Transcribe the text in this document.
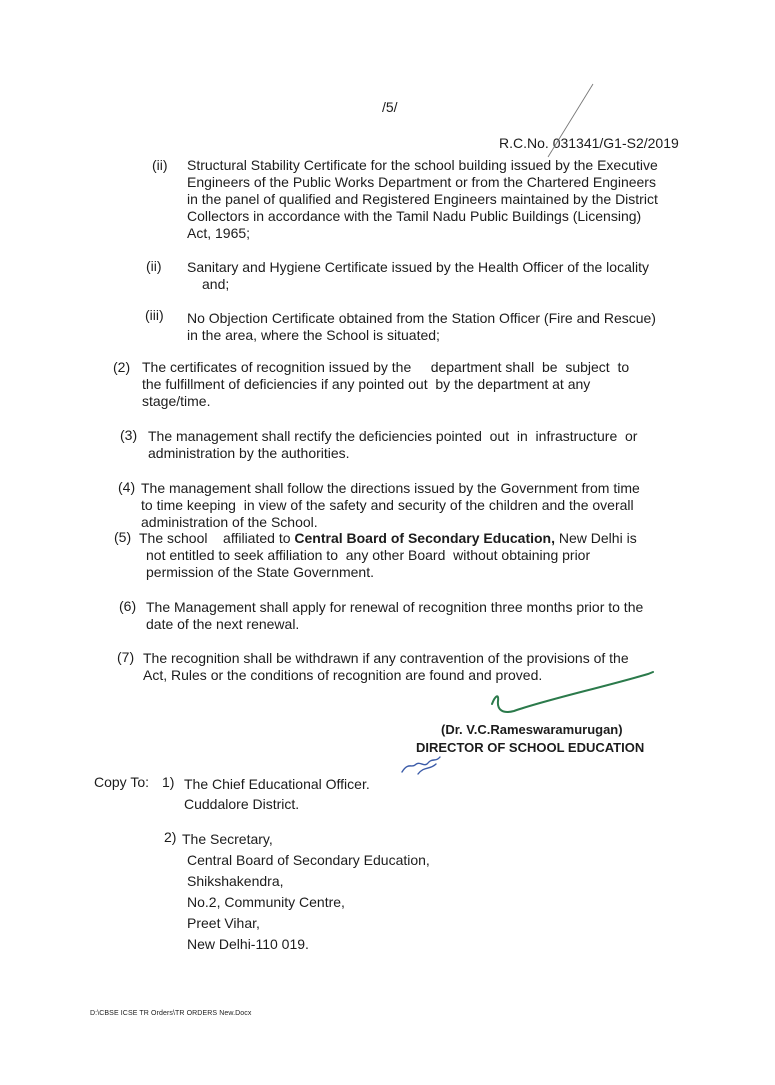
/5/
R.C.No. 031341/G1-S2/2019
(ii) Structural Stability Certificate for the school building issued by the Executive
Engineers of the Public Works Department or from the Chartered Engineers
in the panel of qualified and Registered Engineers maintained by the District
Collectors in accordance with the Tamil Nadu Public Buildings (Licensing)
Act, 1965;
(ii) Sanitary and Hygiene Certificate issued by the Health Officer of the locality
and;
(iii) No Objection Certificate obtained from the Station Officer (Fire and Rescue)
in the area, where the School is situated;
(2) The certificates of recognition issued by the     department shall  be  subject  to
the fulfillment of deficiencies if any pointed out  by the department at any
stage/time.
(3) The management shall rectify the deficiencies pointed  out  in  infrastructure  or
administration by the authorities.
(4) The management shall follow the directions issued by the Government from time
to time keeping  in view of the safety and security of the children and the overall
administration of the School.
(5) The school    affiliated to Central Board of Secondary Education, New Delhi is
not entitled to seek affiliation to  any other Board  without obtaining prior
permission of the State Government.
(6) The Management shall apply for renewal of recognition three months prior to the
date of the next renewal.
(7) The recognition shall be withdrawn if any contravention of the provisions of the
Act, Rules or the conditions of recognition are found and proved.
(Dr. V.C.Rameswaramurugan)
DIRECTOR OF SCHOOL EDUCATION
Copy To: 1) The Chief Educational Officer.
Cuddalore District.
2) The Secretary,
Central Board of Secondary Education,
Shikshakendra,
No.2, Community Centre,
Preet Vihar,
New Delhi-110 019.
D:\CBSE ICSE TR Orders\TR ORDERS New.Docx
